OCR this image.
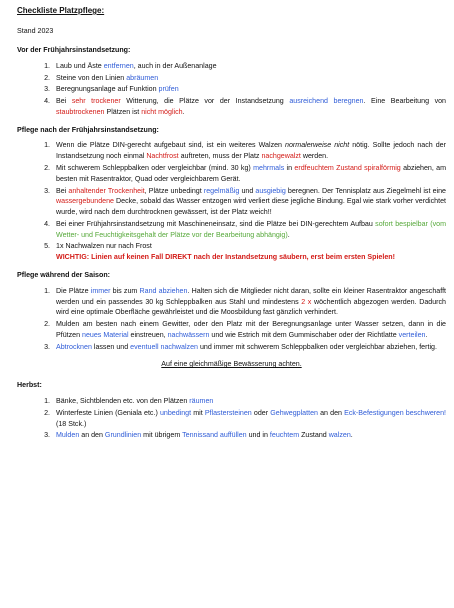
Checkliste Platzpflege:
Stand 2023
Vor der Frühjahrsinstandsetzung:
1. Laub und Äste entfernen, auch in der Außenanlage
2. Steine von den Linien abräumen
3. Beregnungsanlage auf Funktion prüfen
4. Bei sehr trockener Witterung, die Plätze vor der Instandsetzung ausreichend beregnen. Eine Bearbeitung von staubtrockenen Plätzen ist nicht möglich.
Pflege nach der Frühjahrsinstandsetzung:
1. Wenn die Plätze DIN-gerecht aufgebaut sind, ist ein weiteres Walzen normalerweise nicht nötig. Sollte jedoch nach der Instandsetzung noch einmal Nachtfrost auftreten, muss der Platz nachgewalzt werden.
2. Mit schwerem Schleppbalken oder vergleichbar (mind. 30 kg) mehrmals in erdfeuchtem Zustand spiralförmig abziehen, am besten mit Rasentraktor, Quad oder vergleichbarem Gerät.
3. Bei anhaltender Trockenheit, Plätze unbedingt regelmäßig und ausgiebig beregnen. Der Tennisplatz aus Ziegelmehl ist eine wassergebundene Decke, sobald das Wasser entzogen wird verliert diese jegliche Bindung. Egal wie stark vorher verdichtet wurde, wird nach dem durchtrocknen gewässert, ist der Platz weich!!
4. Bei einer Frühjahrsinstandsetzung mit Maschineneinsatz, sind die Plätze bei DIN-gerechtem Aufbau sofort bespielbar (vom Wetter- und Feuchtigkeitsgehalt der Plätze vor der Bearbeitung abhängig).
5. 1x Nachwalzen nur nach Frost
WICHTIG: Linien auf keinen Fall DIREKT nach der Instandsetzung säubern, erst beim ersten Spielen!
Pflege während der Saison:
1. Die Plätze immer bis zum Rand abziehen. Halten sich die Mitglieder nicht daran, sollte ein kleiner Rasentraktor angeschafft werden und ein passendes 30 kg Schleppbalken aus Stahl und mindestens 2 x wöchentlich abgezogen werden. Dadurch wird eine optimale Oberfläche gewährleistet und die Moosbildung fast gänzlich verhindert.
2. Mulden am besten nach einem Gewitter, oder den Platz mit der Beregnungsanlage unter Wasser setzen, dann in die Pfützen neues Material einstreuen, nachwässern und wie Estrich mit dem Gummischaber oder der Richtlatte verteilen.
3. Abtrocknen lassen und eventuell nachwalzen und immer mit schwerem Schleppbalken oder vergleichbar abziehen, fertig.
Auf eine gleichmäßige Bewässerung achten.
Herbst:
1. Bänke, Sichtblenden etc. von den Plätzen räumen
2. Winterfeste Linien (Geniala etc.) unbedingt mit Pflastersteinen oder Gehwegplatten an den Eck-Befestigungen beschweren! (18 Stck.)
3. Mulden an den Grundlinien mit übrigem Tennissand auffüllen und in feuchtem Zustand walzen.
